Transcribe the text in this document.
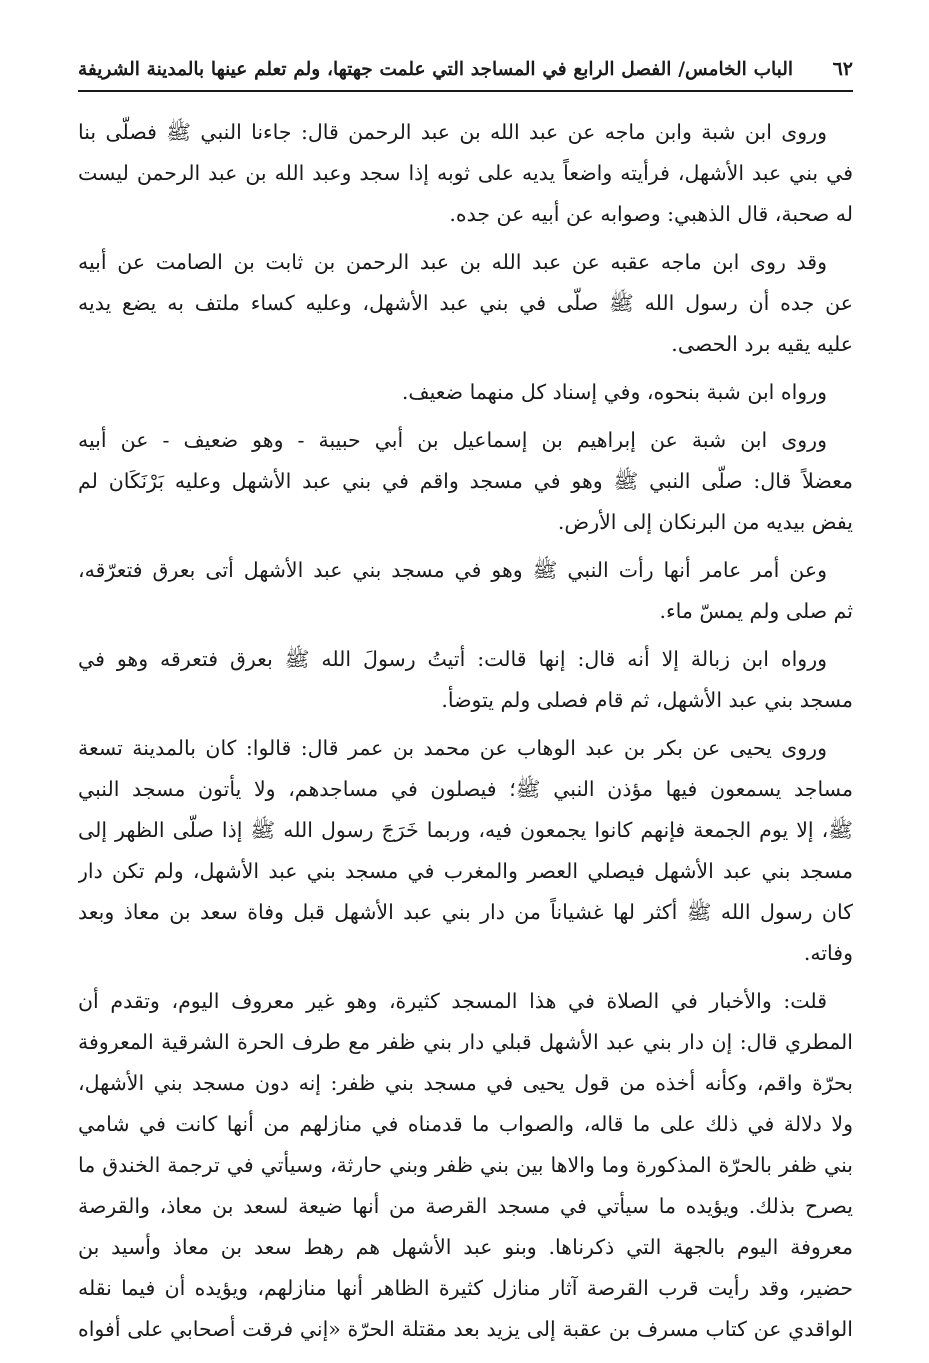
٦٢
الباب الخامس/ الفصل الرابع في المساجد التي علمت جهتها، ولم تعلم عينها بالمدينة الشريفة
وروى ابن شبة وابن ماجه عن عبد الله بن عبد الرحمن قال: جاءنا النبي ﷺ فصلّى بنا
في بني عبد الأشهل، فرأيته واضعاً يديه على ثوبه إذا سجد وعبد الله بن عبد الرحمن ليست
له صحبة، قال الذهبي: وصوابه عن أبيه عن جده.
وقد روى ابن ماجه عقبه عن عبد الله بن عبد الرحمن بن ثابت بن الصامت عن أبيه
عن جده أن رسول الله ﷺ صلّى في بني عبد الأشهل، وعليه كساء ملتف به يضع يديه
عليه يقيه برد الحصى.
ورواه ابن شبة بنحوه، وفي إسناد كل منهما ضعيف.
وروى ابن شبة عن إبراهيم بن إسماعيل بن أبي حبيبة - وهو ضعيف - عن أبيه
معضلاً قال: صلّى النبي ﷺ وهو في مسجد واقم في بني عبد الأشهل وعليه بَرْنَكَان لم
يفض بيديه من البرنكان إلى الأرض.
وعن أمر عامر أنها رأت النبي ﷺ وهو في مسجد بني عبد الأشهل أتى بعرق فتعرّقه،
ثم صلى ولم يمسّ ماء.
ورواه ابن زبالة إلا أنه قال: إنها قالت: أتيتُ رسولَ الله ﷺ بعرق فتعرقه وهو في
مسجد بني عبد الأشهل، ثم قام فصلى ولم يتوضأ.
وروى يحيى عن بكر بن عبد الوهاب عن محمد بن عمر قال: قالوا: كان بالمدينة تسعة
مساجد يسمعون فيها مؤذن النبي ﷺ؛ فيصلون في مساجدهم، ولا يأتون مسجد النبي
ﷺ، إلا يوم الجمعة فإنهم كانوا يجمعون فيه، وربما خَرَجَ رسول الله ﷺ إذا صلّى الظهر إلى
مسجد بني عبد الأشهل فيصلي العصر والمغرب في مسجد بني عبد الأشهل، ولم تكن دار
كان رسول الله ﷺ أكثر لها غشياناً من دار بني عبد الأشهل قبل وفاة سعد بن معاذ وبعد
وفاته.
قلت: والأخبار في الصلاة في هذا المسجد كثيرة، وهو غير معروف اليوم، وتقدم أن
المطري قال: إن دار بني عبد الأشهل قبلي دار بني ظفر مع طرف الحرة الشرقية المعروفة
بحرّة واقم، وكأنه أخذه من قول يحيى في مسجد بني ظفر: إنه دون مسجد بني الأشهل،
ولا دلالة في ذلك على ما قاله، والصواب ما قدمناه في منازلهم من أنها كانت في شامي
بني ظفر بالحرّة المذكورة وما والاها بين بني ظفر وبني حارثة، وسيأتي في ترجمة الخندق ما
يصرح بذلك. ويؤيده ما سيأتي في مسجد القرصة من أنها ضيعة لسعد بن معاذ، والقرصة
معروفة اليوم بالجهة التي ذكرناها. وبنو عبد الأشهل هم رهط سعد بن معاذ وأسيد بن
حضير، وقد رأيت قرب القرصة آثار منازل كثيرة الظاهر أنها منازلهم، ويؤيده أن فيما نقله
الواقدي عن كتاب مسرف بن عقبة إلى يزيد بعد مقتلة الحرّة «إني فرقت أصحابي على أفواه
